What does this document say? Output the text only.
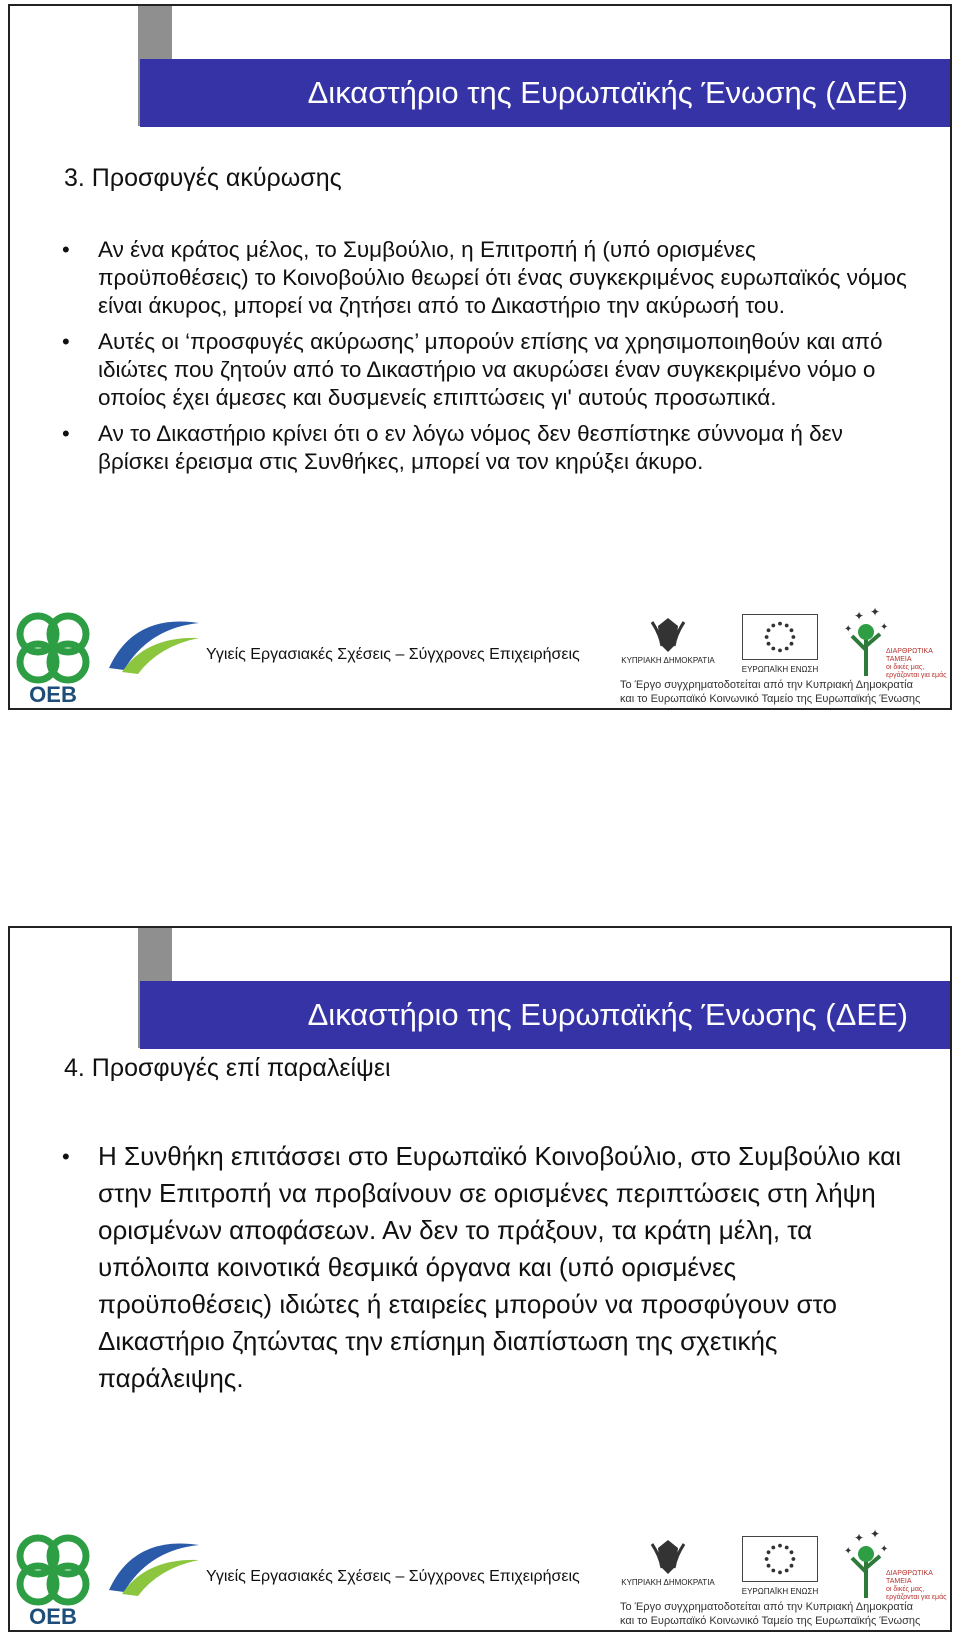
Δικαστήριο της Ευρωπαϊκής Ένωσης (ΔΕΕ)
3. Προσφυγές ακύρωσης
• Αν ένα κράτος μέλος, το Συμβούλιο, η Επιτροπή ή (υπό ορισμένες προϋποθέσεις) το Κοινοβούλιο θεωρεί ότι ένας συγκεκριμένος ευρωπαϊκός νόμος είναι άκυρος, μπορεί να ζητήσει από το Δικαστήριο την ακύρωσή του.
• Αυτές οι ‘προσφυγές ακύρωσης’ μπορούν επίσης να χρησιμοποιηθούν και από ιδιώτες που ζητούν από το Δικαστήριο να ακυρώσει έναν συγκεκριμένο νόμο ο οποίος έχει άμεσες και δυσμενείς επιπτώσεις γι' αυτούς προσωπικά.
• Αν το Δικαστήριο κρίνει ότι ο εν λόγω νόμος δεν θεσπίστηκε σύννομα ή δεν βρίσκει έρεισμα στις Συνθήκες, μπορεί να τον κηρύξει άκυρο.
OEB
Υγιείς Εργασιακές Σχέσεις – Σύγχρονες Επιχειρήσεις	ΚΥΠΡΙΑΚΗ ΔΗΜΟΚΡΑΤΙΑ
ΕΥΡΩΠΑΪΚΗ ΕΝΩΣΗ
✦ ✦
✦	✦
ΔΙΑΡΘΡΩΤΙΚΑ ΤΑΜΕΙΑ
οι δικές μας, εργάζονται για εμάς
Το Έργο συγχρηματοδοτείται από την Κυπριακή Δημοκρατία
και το Ευρωπαϊκό Κοινωνικό Ταμείο της Ευρωπαϊκής Ένωσης
Δικαστήριο της Ευρωπαϊκής Ένωσης (ΔΕΕ)
4. Προσφυγές επί παραλείψει
• Η Συνθήκη επιτάσσει στο Ευρωπαϊκό Κοινοβούλιο, στο Συμβούλιο και στην Επιτροπή να προβαίνουν σε ορισμένες περιπτώσεις στη λήψη ορισμένων αποφάσεων. Αν δεν το πράξουν, τα κράτη μέλη, τα υπόλοιπα κοινοτικά θεσμικά όργανα και (υπό ορισμένες προϋποθέσεις) ιδιώτες ή εταιρείες μπορούν να προσφύγουν στο Δικαστήριο ζητώντας την επίσημη διαπίστωση της σχετικής παράλειψης.
OEB
Υγιείς Εργασιακές Σχέσεις – Σύγχρονες Επιχειρήσεις	ΚΥΠΡΙΑΚΗ ΔΗΜΟΚΡΑΤΙΑ
ΕΥΡΩΠΑΪΚΗ ΕΝΩΣΗ
✦ ✦
✦	✦
ΔΙΑΡΘΡΩΤΙΚΑ ΤΑΜΕΙΑ
οι δικές μας, εργάζονται για εμάς
Το Έργο συγχρηματοδοτείται από την Κυπριακή Δημοκρατία
και το Ευρωπαϊκό Κοινωνικό Ταμείο της Ευρωπαϊκής Ένωσης
